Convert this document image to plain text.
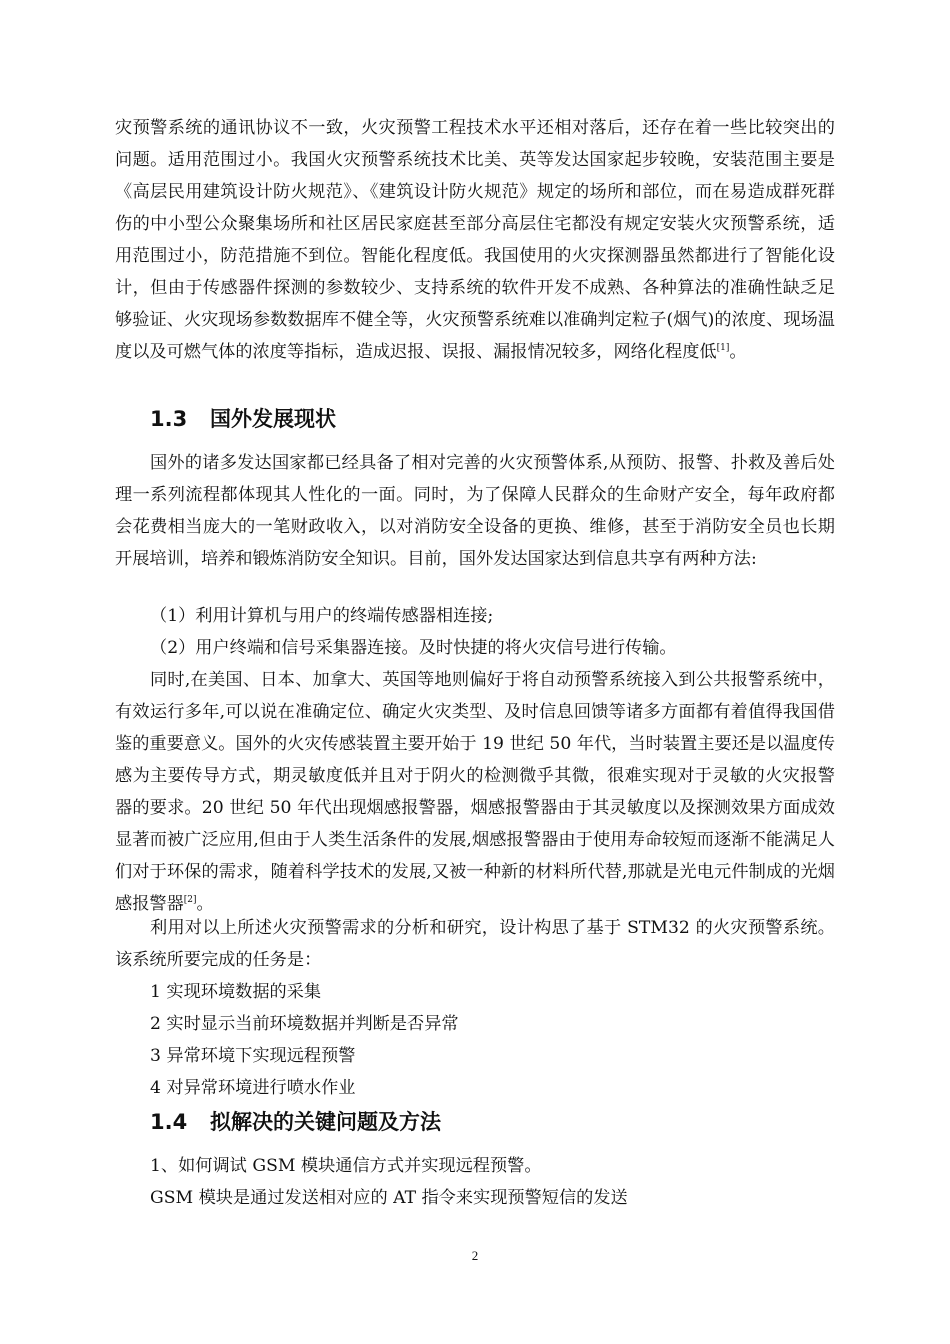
灾预警系统的通讯协议不一致，火灾预警工程技术水平还相对落后，还存在着一些比较突出的问题。适用范围过小。我国火灾预警系统技术比美、英等发达国家起步较晚，安装范围主要是 《高层民用建筑设计防火规范》、《建筑设计防火规范》规定的场所和部位，而在易造成群死群伤的中小型公众聚集场所和社区居民家庭甚至部分高层住宅都没有规定安装火灾预警系统，适用范围过小，防范措施不到位。智能化程度低。我国使用的火灾探测器虽然都进行了智能化设计，但由于传感器件探测的参数较少、支持系统的软件开发不成熟、各种算法的准确性缺乏足够验证、火灾现场参数数据库不健全等，火灾预警系统难以准确判定粒子(烟气)的浓度、现场温度以及可燃气体的浓度等指标，造成迟报、误报、漏报情况较多，网络化程度低[1]。

1.3 国外发展现状

国外的诸多发达国家都已经具备了相对完善的火灾预警体系,从预防、报警、扑救及善后处理一系列流程都体现其人性化的一面。同时，为了保障人民群众的生命财产安全，每年政府都会花费相当庞大的一笔财政收入，以对消防安全设备的更换、维修，甚至于消防安全员也长期开展培训，培养和锻炼消防安全知识。目前，国外发达国家达到信息共享有两种方法:

（1）利用计算机与用户的终端传感器相连接;

（2）用户终端和信号采集器连接。及时快捷的将火灾信号进行传输。

同时,在美国、日本、加拿大、英国等地则偏好于将自动预警系统接入到公共报警系统中，有效运行多年,可以说在准确定位、确定火灾类型、及时信息回馈等诸多方面都有着值得我国借鉴的重要意义。国外的火灾传感装置主要开始于 19 世纪 50 年代，当时装置主要还是以温度传感为主要传导方式，期灵敏度低并且对于阴火的检测微乎其微，很难实现对于灵敏的火灾报警器的要求。20 世纪 50 年代出现烟感报警器，烟感报警器由于其灵敏度以及探测效果方面成效显著而被广泛应用,但由于人类生活条件的发展,烟感报警器由于使用寿命较短而逐渐不能满足人们对于环保的需求，随着科学技术的发展,又被一种新的材料所代替,那就是光电元件制成的光烟感报警器[2]。

利用对以上所述火灾预警需求的分析和研究，设计构思了基于 STM32 的火灾预警系统。该系统所要完成的任务是：

1 实现环境数据的采集

2 实时显示当前环境数据并判断是否异常

3 异常环境下实现远程预警

4 对异常环境进行喷水作业

1.4 拟解决的关键问题及方法

1、如何调试 GSM 模块通信方式并实现远程预警。

GSM 模块是通过发送相对应的 AT 指令来实现预警短信的发送

2
